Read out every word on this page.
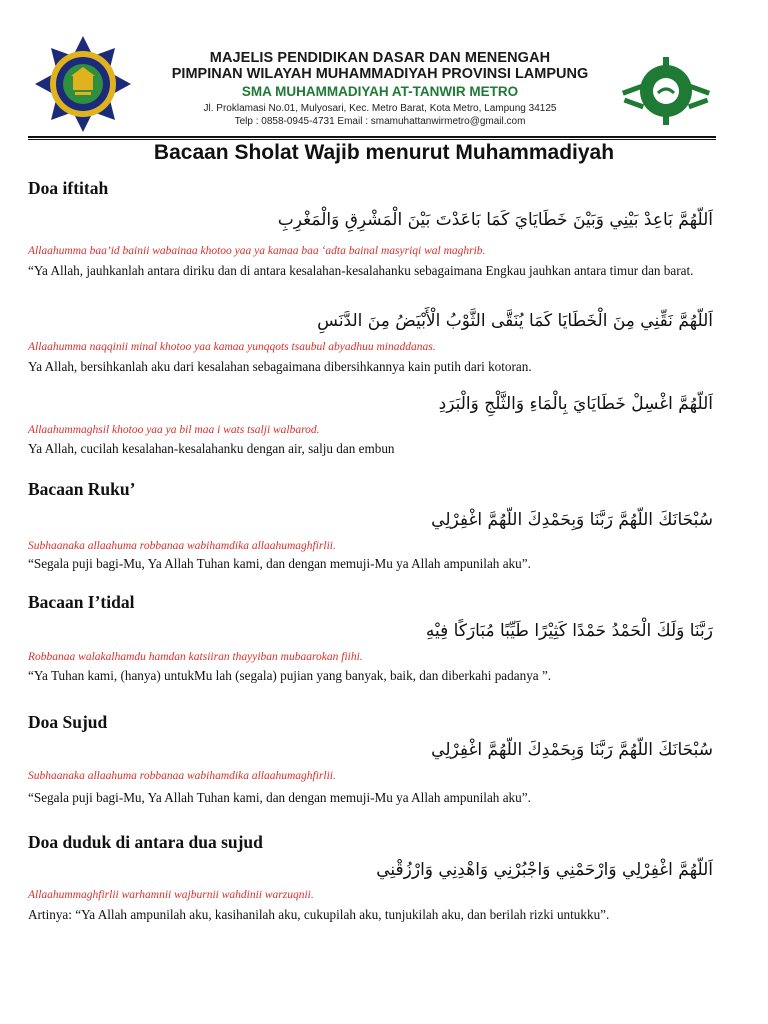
MAJELIS PENDIDIKAN DASAR DAN MENENGAH
PIMPINAN WILAYAH MUHAMMADIYAH PROVINSI LAMPUNG
SMA MUHAMMADIYAH AT-TANWIR METRO
Jl. Proklamasi No.01, Mulyosari, Kec. Metro Barat, Kota Metro, Lampung 34125
Telp : 0858-0945-4731 Email : smamuhattanwirmetro@gmail.com
Bacaan Sholat Wajib menurut Muhammadiyah
Doa iftitah
اَللّهُمَّ بَاعِدْ بَيْنِي وَبَيْنَ خَطَايَايَ كَمَا بَاعَدْتَ بَيْنَ الْمَشْرِقِ وَالْمَغْرِبِ
Allaahumma baa’id bainii wabainaa khotoo yaa ya kamaa baa ‘adta bainal masyriqi wal maghrib.
“Ya Allah, jauhkanlah antara diriku dan di antara kesalahan-kesalahanku sebagaimana Engkau jauhkan antara timur dan barat.
اَللّهُمَّ نَقِّنِي مِنَ الْخَطَايَا كَمَا يُنَقَّى الثَّوْبُ الْأَبْيَضُ مِنَ الدَّنَسِ
Allaahumma naqqinii minal khotoo yaa kamaa yunqqots tsaubul abyadhuu minaddanas.
Ya Allah, bersihkanlah aku dari kesalahan sebagaimana dibersihkannya kain putih dari kotoran.
اَللّهُمَّ اغْسِلْ خَطَايَايَ بِالْمَاءِ وَالثَّلْجِ وَالْبَرَدِ
Allaahummaghsil khotoo yaa ya bil maa i wats tsalji walbarod.
Ya Allah, cucilah kesalahan-kesalahanku dengan air, salju dan embun
Bacaan Ruku’
سُبْحَانَكَ اللّهُمَّ رَبَّنَا وَبِحَمْدِكَ اللّهُمَّ اغْفِرْلِي
Subhaanaka allaahuma robbanaa wabihamdika allaahumaghfirlii.
“Segala puji bagi-Mu, Ya Allah Tuhan kami, dan dengan memuji-Mu ya Allah ampunilah aku”.
Bacaan I’tidal
رَبَّنَا وَلَكَ الْحَمْدُ حَمْدًا كَثِيْرًا طَيِّبًا مُبَارَكًا فِيْهِ
Robbanaa walakalhamdu hamdan katsiiran thayyiban mubaarokan fiihi.
“Ya Tuhan kami, (hanya) untukMu lah (segala) pujian yang banyak, baik, dan diberkahi padanya ”.
Doa Sujud
سُبْحَانَكَ اللّهُمَّ رَبَّنَا وَبِحَمْدِكَ اللّهُمَّ اغْفِرْلِي
Subhaanaka allaahuma robbanaa wabihamdika allaahumaghfirlii.
“Segala puji bagi-Mu, Ya Allah Tuhan kami, dan dengan memuji-Mu ya Allah ampunilah aku”.
Doa duduk di antara dua sujud
اَللّهُمَّ اغْفِرْلِي وَارْحَمْنِي وَاجْبُرْنِي وَاهْدِنِي وَارْزُقْنِي
Allaahummaghfirlii warhamnii wajburnii wahdinii warzuqnii.
Artinya: “Ya Allah ampunilah aku, kasihanilah aku, cukupilah aku, tunjukilah aku, dan berilah rizki untukku”.
